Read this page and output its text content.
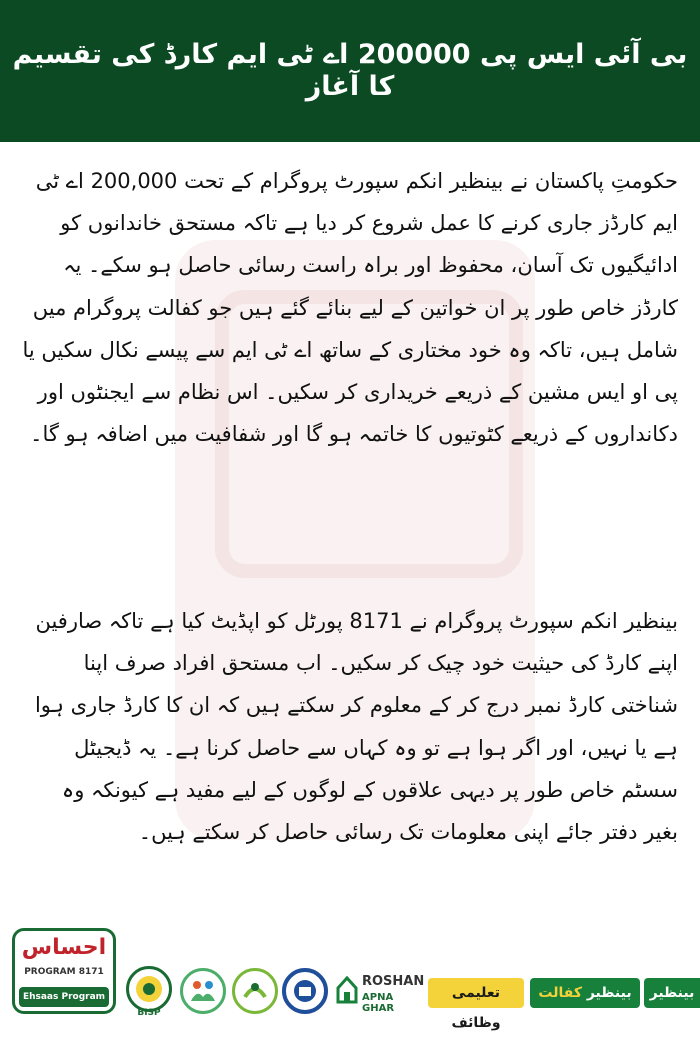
بی آئی ایس پی 200000 اے ٹی ایم کارڈ کی تقسیم کا آغاز

حکومتِ پاکستان نے بینظیر انکم سپورٹ پروگرام کے تحت 200,000 اے ٹی ایم کارڈز جاری کرنے کا عمل شروع کر دیا ہے تاکہ مستحق خاندانوں کو ادائیگیوں تک آسان، محفوظ اور براہ راست رسائی حاصل ہو سکے۔ یہ کارڈز خاص طور پر ان خواتین کے لیے بنائے گئے ہیں جو کفالت پروگرام میں شامل ہیں، تاکہ وہ خود مختاری کے ساتھ اے ٹی ایم سے پیسے نکال سکیں یا پی او ایس مشین کے ذریعے خریداری کر سکیں۔ اس نظام سے ایجنٹوں اور دکانداروں کے ذریعے کٹوتیوں کا خاتمہ ہو گا اور شفافیت میں اضافہ ہو گا۔

بینظیر انکم سپورٹ پروگرام نے 8171 پورٹل کو اپڈیٹ کیا ہے تاکہ صارفین اپنے کارڈ کی حیثیت خود چیک کر سکیں۔ اب مستحق افراد صرف اپنا شناختی کارڈ نمبر درج کر کے معلوم کر سکتے ہیں کہ ان کا کارڈ جاری ہوا ہے یا نہیں، اور اگر ہوا ہے تو وہ کہاں سے حاصل کرنا ہے۔ یہ ڈیجیٹل سسٹم خاص طور پر دیہی علاقوں کے لوگوں کے لیے مفید ہے کیونکہ وہ بغیر دفتر جائے اپنی معلومات تک رسائی حاصل کر سکتے ہیں۔

احساس
PROGRAM 8171
Ehsaas Program
BISP
ROSHAN
APNA GHAR
تعلیمی وظائف
بینظیر کفالت	بینظیر
